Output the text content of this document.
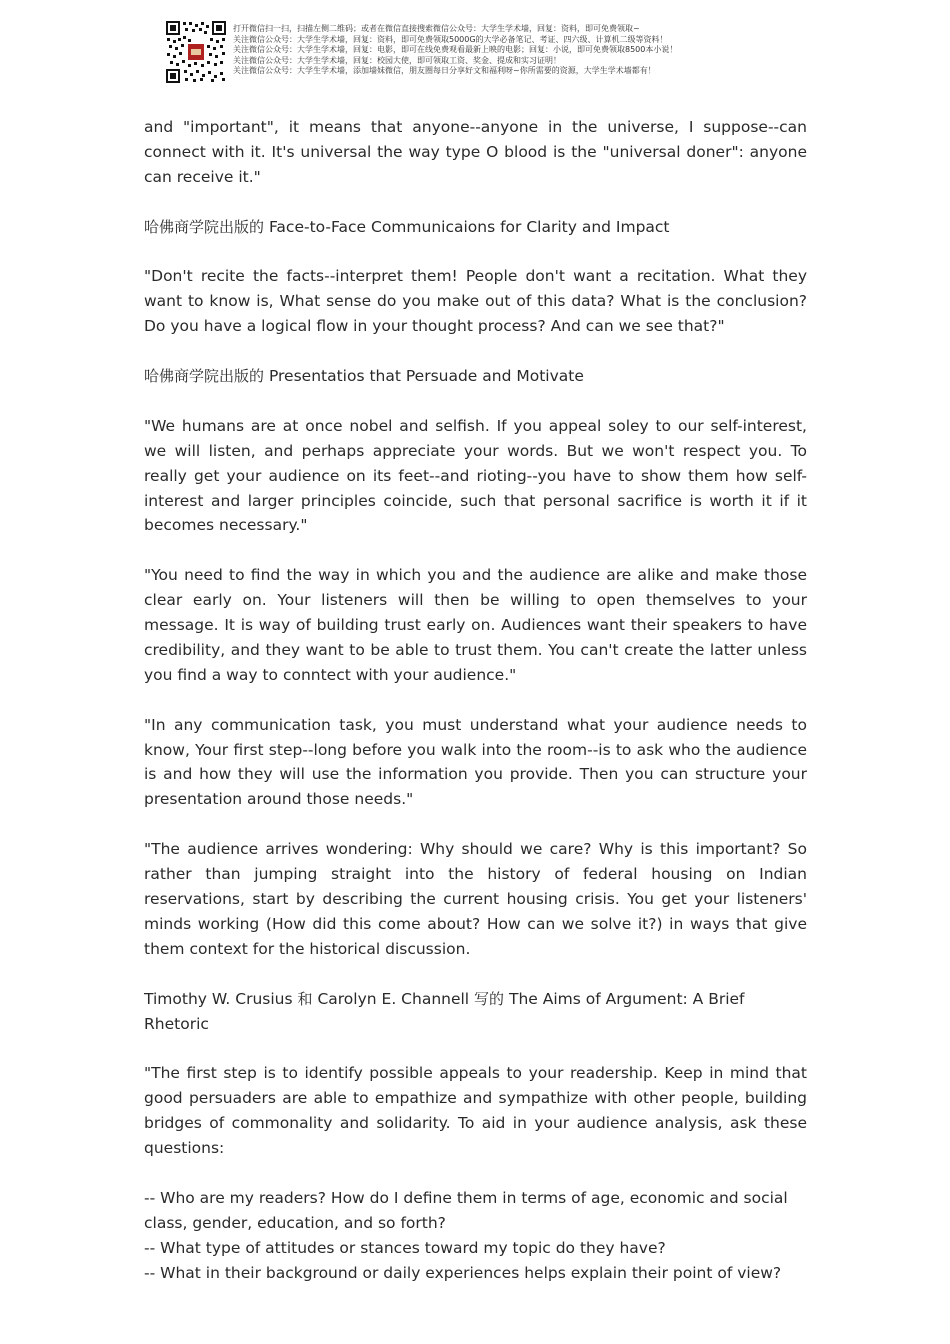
打开微信扫一扫，扫描左侧二维码；或者在微信直接搜索微信公众号：大学生学术墙，回复：资料，即可免费领取~
关注微信公众号：大学生学术墙，回复：资料，即可免费领取5000G的大学必备笔记、考证、四六级、计算机二级等资料！
关注微信公众号：大学生学术墙，回复：电影，即可在线免费观看最新上映的电影；回复：小说，即可免费领取8500本小说！
关注微信公众号：大学生学术墙，回复：校园大使，即可领取工资、奖金、提成和实习证明！
关注微信公众号：大学生学术墙，添加墙妹微信，朋友圈每日分享好文和福利呀~你所需要的资源，大学生学术墙都有！

and "important", it means that anyone--anyone in the universe, I suppose--can connect with it. It's universal the way type O blood is the "universal doner": anyone can receive it."

哈佛商学院出版的 Face-to-Face Communicaions for Clarity and Impact

"Don't recite the facts--interpret them! People don't want a recitation. What they want to know is, What sense do you make out of this data? What is the conclusion? Do you have a logical flow in your thought process? And can we see that?"

哈佛商学院出版的 Presentatios that Persuade and Motivate

"We humans are at once nobel and selfish. If you appeal soley to our self-interest, we will listen, and perhaps appreciate your words. But we won't respect you. To really get your audience on its feet--and rioting--you have to show them how self-interest and larger principles coincide, such that personal sacrifice is worth it if it becomes necessary."

"You need to find the way in which you and the audience are alike and make those clear early on. Your listeners will then be willing to open themselves to your message. It is way of building trust early on. Audiences want their speakers to have credibility, and they want to be able to trust them. You can't create the latter unless you find a way to conntect with your audience."

"In any communication task, you must understand what your audience needs to know, Your first step--long before you walk into the room--is to ask who the audience is and how they will use the information you provide. Then you can structure your presentation around those needs."

"The audience arrives wondering: Why should we care? Why is this important? So rather than jumping straight into the history of federal housing on Indian reservations, start by describing the current housing crisis. You get your listeners' minds working (How did this come about? How can we solve it?) in ways that give them context for the historical discussion.

Timothy W. Crusius 和 Carolyn E. Channell 写的 The Aims of Argument: A Brief Rhetoric

"The first step is to identify possible appeals to your readership. Keep in mind that good persuaders are able to empathize and sympathize with other people, building bridges of commonality and solidarity. To aid in your audience analysis, ask these questions:

-- Who are my readers? How do I define them in terms of age, economic and social class, gender, education, and so forth?

-- What type of attitudes or stances toward my topic do they have?

-- What in their background or daily experiences helps explain their point of view?
